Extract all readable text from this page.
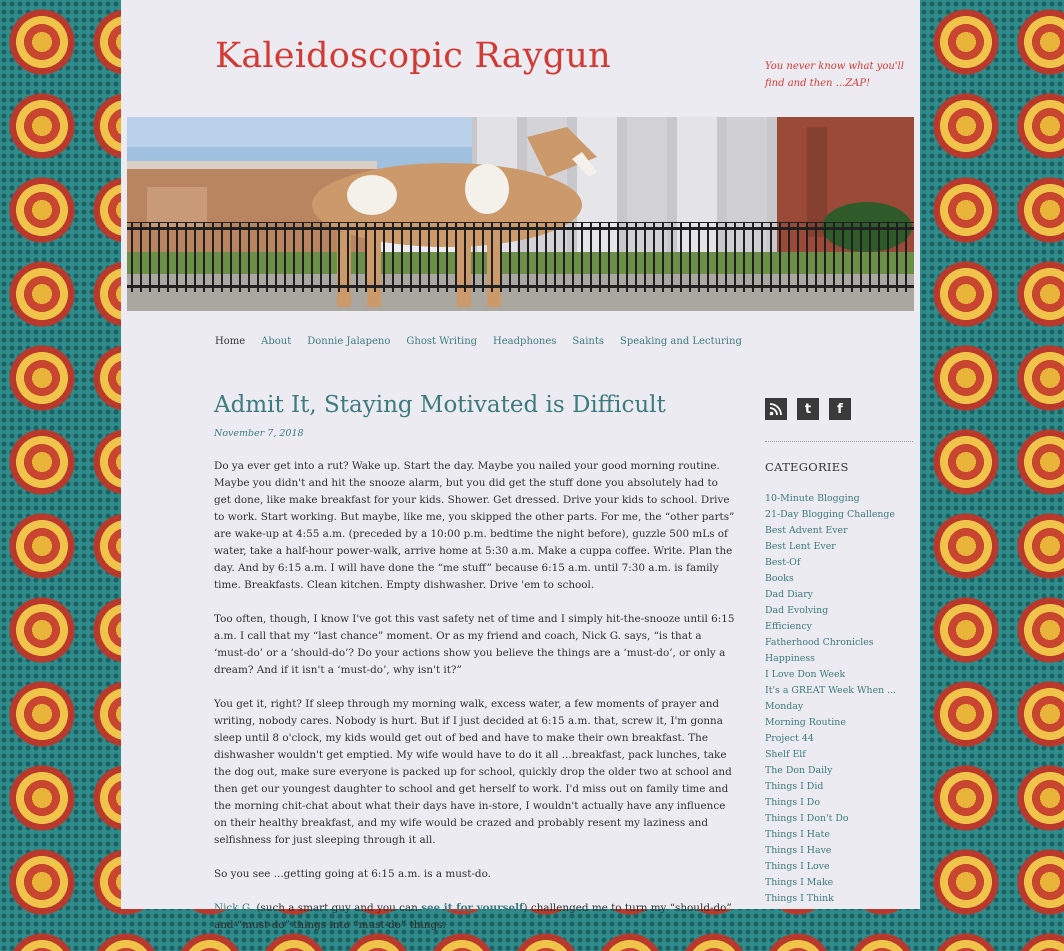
Kaleidoscopic Raygun	You never know what you'll find and then ...ZAP!
Home About Donnie Jalapeno Ghost Writing Headphones Saints Speaking and Lecturing
Admit It, Staying Motivated is Difficult
November 7, 2018

Do ya ever get into a rut? Wake up. Start the day. Maybe you nailed your good morning routine. Maybe you didn't and hit the snooze alarm, but you did get the stuff done you absolutely had to get done, like make breakfast for your kids. Shower. Get dressed. Drive your kids to school. Drive to work. Start working. But maybe, like me, you skipped the other parts. For me, the “other parts” are wake-up at 4:55 a.m. (preceded by a 10:00 p.m. bedtime the night before), guzzle 500 mLs of water, take a half-hour power-walk, arrive home at 5:30 a.m. Make a cuppa coffee. Write. Plan the day. And by 6:15 a.m. I will have done the “me stuff” because 6:15 a.m. until 7:30 a.m. is family time. Breakfasts. Clean kitchen. Empty dishwasher. Drive 'em to school.

Too often, though, I know I've got this vast safety net of time and I simply hit-the-snooze until 6:15 a.m. I call that my “last chance” moment. Or as my friend and coach, Nick G. says, “is that a ‘must-do’ or a ‘should-do’? Do your actions show you believe the things are a ‘must-do’, or only a dream? And if it isn't a ‘must-do’, why isn't it?”

You get it, right? If sleep through my morning walk, excess water, a few moments of prayer and writing, nobody cares. Nobody is hurt. But if I just decided at 6:15 a.m. that, screw it, I'm gonna sleep until 8 o'clock, my kids would get out of bed and have to make their own breakfast. The dishwasher wouldn't get emptied. My wife would have to do it all ...breakfast, pack lunches, take the dog out, make sure everyone is packed up for school, quickly drop the older two at school and then get our youngest daughter to school and get herself to work. I'd miss out on family time and the morning chit-chat about what their days have in-store, I wouldn't actually have any influence on their healthy breakfast, and my wife would be crazed and probably resent my laziness and selfishness for just sleeping through it all.

So you see ...getting going at 6:15 a.m. is a must-do.

Nick G. (such a smart guy and you can see it for yourself) challenged me to turn my “should-do” and “must-do” things into “must-do” things.

t	f
CATEGORIES
10-Minute Blogging
21-Day Blogging Challenge
Best Advent Ever
Best Lent Ever
Best-Of
Books
Dad Diary
Dad Evolving
Efficiency
Fatherhood Chronicles
Happiness
I Love Don Week
It's a GREAT Week When ...
Monday
Morning Routine
Project 44
Shelf Elf
The Don Daily
Things I Did
Things I Do
Things I Don't Do
Things I Hate
Things I Have
Things I Love
Things I Make
Things I Think
